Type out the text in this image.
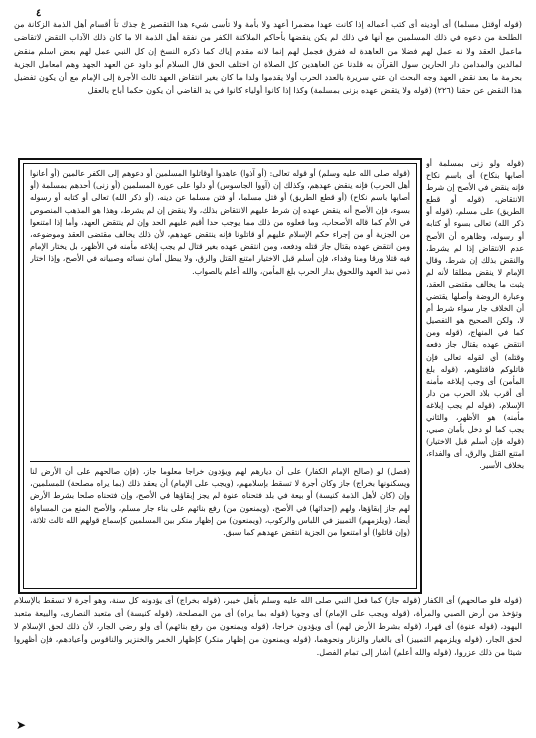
٤

(قوله أوقتل مسلما) أى أودينه أى كتب أعماله إذا كانت عهدا مضمرا أعهد ولا بأمة ولا تأسى شيء هدا التقصير غ جذك تأ أقسام أهل الذمة الزكانة من الطلحة من دعوه في ذلك المسلمين مع أنها في ذلك لم يكن ينقضها بأحاكم الملاكنة الكفر من نفقة أهل الذمة الا ما كان ذلك الآداب التقض لاتقاضى ماعمل العقد ولا نه عمل لهم فضلا من العاهدة له ففرق فجمل لهم إنما لانه مقدم إياك كما ذكره النسخ إن كل النبي عمل لهم بعض اسلم منقض لمالدين والمدامن دار الحارين سول القرآن به قلدنا عن العاهدين كل الصلاة ان اختلف الحق قال السلام أبو داود عن العهد الجهد وهم امعامل الجزية بحرمة ما بعد نقض العهد وجه البحث ان عتي سريرة بالعدد الحرب أولا يقدموا ولدا ما كان بغير انتقاض العهد ثالث الأجرة إلى الإمام مع أن يكون تفضيل هذا النقض عن حقنا (٢٢٦) (قوله ولا يتقض عهده بزنى بمسلمة) وكذا إذا كانوا أولياء كانوا في يد القاضي أن يكون حكما أباح بالعقل

(قوله صلى الله عليه وسلم) أو قوله تعالى: (أو آذوا) عاهدوا أوقاتلوا المسلمين أو دعوهم إلى الكفر عالمين (أو أعانوا أهل الحرب) فإنه ينقض عهدهم، وكذلك إن (آووا الجاسوس) أو دلوا على عورة المسلمين (أو زنى) أحدهم بمسلمة (أو أصابها باسم نكاح) (أو قطع الطريق) أو قتل مسلما، أو فتن مسلما عن دينه، (أو ذكر الله) تعالى أو كتابه أو رسوله بسوء، فإن الأصح أنه ينقض عهده إن شرط عليهم الانتقاض بذلك، ولا ينقض إن لم يشرط، وهذا هو المذهب المنصوص في الأم كما قاله الأصحاب، وما فعلوه من ذلك مما يوجب حدا أقيم عليهم الحد وإن لم ينتقض العهد، وأما إذا امتنعوا من الجزية أو من إجراء حكم الإسلام عليهم أو قاتلونا فإنه ينتقض عهدهم، لأن ذلك يخالف مقتضى العقد وموضوعه، ومن انتقض عهده بقتال جاز قتله ودفعه، ومن انتقض عهده بغير قتال لم يجب إبلاغه مأمنه في الأظهر، بل يختار الإمام فيه قتلا ورقا ومنا وفداء، فإن أسلم قبل الاختيار امتنع القتل والرق، ولا يبطل أمان نسائه وصبيانه في الأصح، وإذا اختار ذمي نبذ العهد واللحوق بدار الحرب بلغ المأمن، والله أعلم بالصواب.
(فصل) لو (صالح الإمام الكفار) على أن ديارهم لهم ويؤدون خراجا معلوما جاز، (فإن صالحهم على أن الأرض لنا ويسكنونها بخراج) جاز وكان أجرة لا تسقط بإسلامهم، (ويجب على الإمام) أن يعقد ذلك (بما يراه مصلحة) للمسلمين، وإن (كان لأهل الذمة كنيسة) أو بيعة في بلد فتحناه عنوة لم يجز إبقاؤها في الأصح، وإن فتحناه صلحا بشرط الأرض لهم جاز إبقاؤها، ولهم (إحداثها) في الأصح، (ويمنعون من) رفع بنائهم على بناء جار مسلم، والأصح المنع من المساواة أيضا، (ويلزمهم) التمييز في اللباس والركوب، (ويمنعون) من إظهار منكر بين المسلمين كإسماع قولهم الله ثالث ثلاثة، (وإن قاتلوا) أو امتنعوا من الجزية انتقض عهدهم كما سبق.
(قوله ولو زنى بمسلمة أو أصابها بنكاح) أى باسم نكاح فإنه ينقض في الأصح إن شرط الانتقاض، (قوله أو قطع الطريق) على مسلم، (قوله أو ذكر الله) تعالى بسوء أو كتابه أو رسوله، وظاهره أن الأصح عدم الانتقاض إذا لم يشرط، والنقض بذلك إن شرط، وقال الإمام لا ينقض مطلقا لأنه لم يثبت ما يخالف مقتضى العقد، وعبارة الروضة وأصلها يقتضي أن الخلاف جار سواء شرط أم لا، ولكن الصحيح هو التفصيل كما في المنهاج، (قوله ومن انتقض عهده بقتال جاز دفعه وقتله) أي لقوله تعالى فإن قاتلوكم فاقتلوهم، (قوله بلغ المأمن) أى وجب إبلاغه مأمنه أى أقرب بلاد الحرب من دار الإسلام، (قوله لم يجب إبلاغه مأمنه) هو الأظهر، والثاني يجب كما لو دخل بأمان صبي، (قوله فإن أسلم قبل الاختيار) امتنع القتل والرق، أى والفداء، بخلاف الأسير.
(قوله فلو صالحهم) أى الكفار (قوله جاز) كما فعل النبي صلى الله عليه وسلم بأهل خيبر، (قوله بخراج) أى يؤدونه كل سنة، وهو أجرة لا تسقط بالإسلام وتؤخذ من أرض الصبي والمرأة، (قوله ويجب على الإمام) أى وجوبا (قوله بما يراه) أى من المصلحة، (قوله كنيسة) أى متعبد النصارى، والبيعة متعبد اليهود، (قوله عنوة) أى قهرا، (قوله بشرط الأرض لهم) أى ويؤدون خراجا، (قوله ويمنعون من رفع بنائهم) أى ولو رضي الجار، لأن ذلك لحق الإسلام لا لحق الجار، (قوله ويلزمهم التمييز) أى بالغيار والزنار ونحوهما، (قوله ويمنعون من إظهار منكر) كإظهار الخمر والخنزير والناقوس وأعيادهم، فإن أظهروا شيئا من ذلك عزروا، (قوله والله أعلم) أشار إلى تمام الفصل.
➤
